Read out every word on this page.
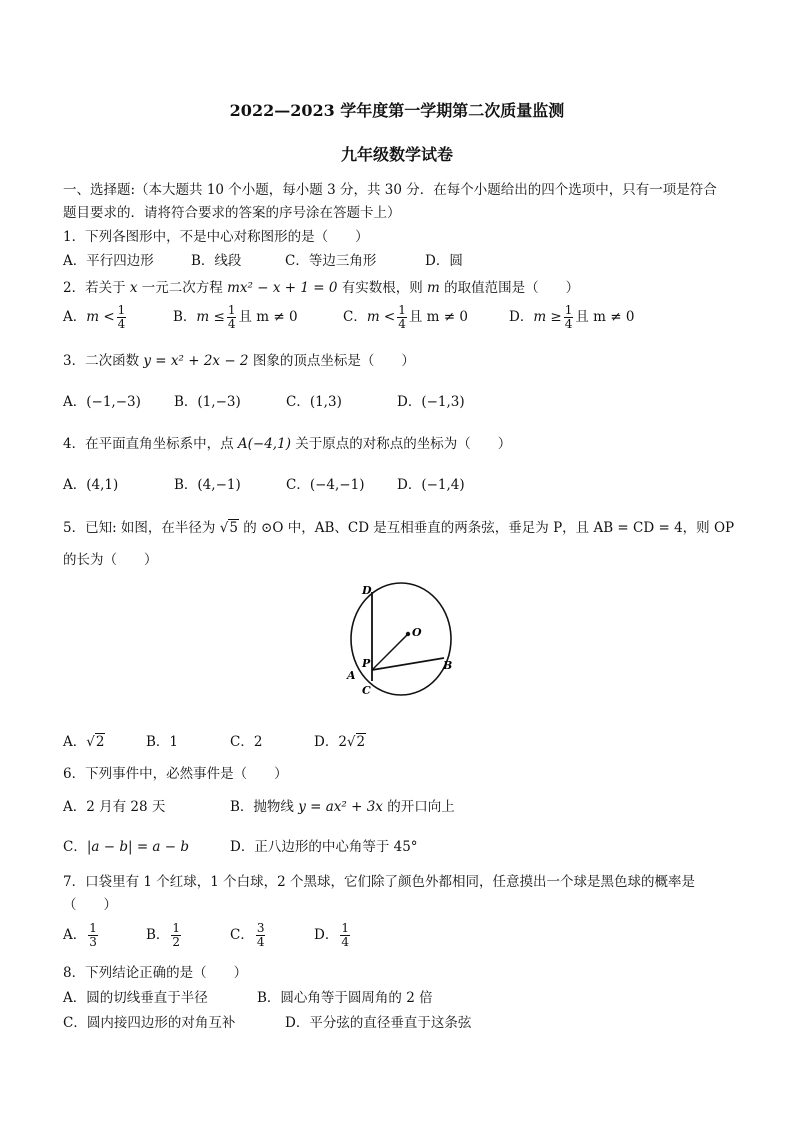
2022—2023 学年度第一学期第二次质量监测
九年级数学试卷
一、选择题:（本大题共 10 个小题，每小题 3 分，共 30 分．在每个小题给出的四个选项中，只有一项是符合
题目要求的．请将符合要求的答案的序号涂在答题卡上）
1．下列各图形中，不是中心对称图形的是（　　）
A．平行四边形	B．线段	C．等边三角形	D．圆
2．若关于 x 一元二次方程 mx² − x + 1 = 0 有实数根，则 m 的取值范围是（　　）
A．$m < \frac{1}{4}$	B．$m \le \frac{1}{4}$ 且 m ≠ 0	C．$m < \frac{1}{4}$ 且 m ≠ 0	D．$m \ge \frac{1}{4}$ 且 m ≠ 0
3．二次函数 y = x² + 2x − 2 图象的顶点坐标是（　　）
A．(−1,−3) B．(1,−3)	C．(1,3)	D．(−1,3)
4．在平面直角坐标系中，点 A(−4,1) 关于原点的对称点的坐标为（　　）
A．(4,1)	B．(4,−1)	C．(−4,−1) D．(−1,4)
5．已知: 如图，在半径为 √5 的 ⊙O 中，AB、CD 是互相垂直的两条弦，垂足为 P，且 AB = CD = 4，则 OP
的长为（　　）
D
O
P	B
A
C
A．√2	B．1	C．2	D．2√2
6．下列事件中，必然事件是（　　）
A．2 月有 28 天	B．抛物线 y = ax² + 3x 的开口向上
C．|a − b| = a − b	D．正八边形的中心角等于 45°
7．口袋里有 1 个红球，1 个白球，2 个黑球，它们除了颜色外都相同，任意摸出一个球是黑色球的概率是
（　　）
A． $\frac{1}{3}$	B． $\frac{1}{2}$	C． $\frac{3}{4}$	D． $\frac{1}{4}$
8．下列结论正确的是（　　）
A．圆的切线垂直于半径	B．圆心角等于圆周角的 2 倍
C．圆内接四边形的对角互补	D．平分弦的直径垂直于这条弦
